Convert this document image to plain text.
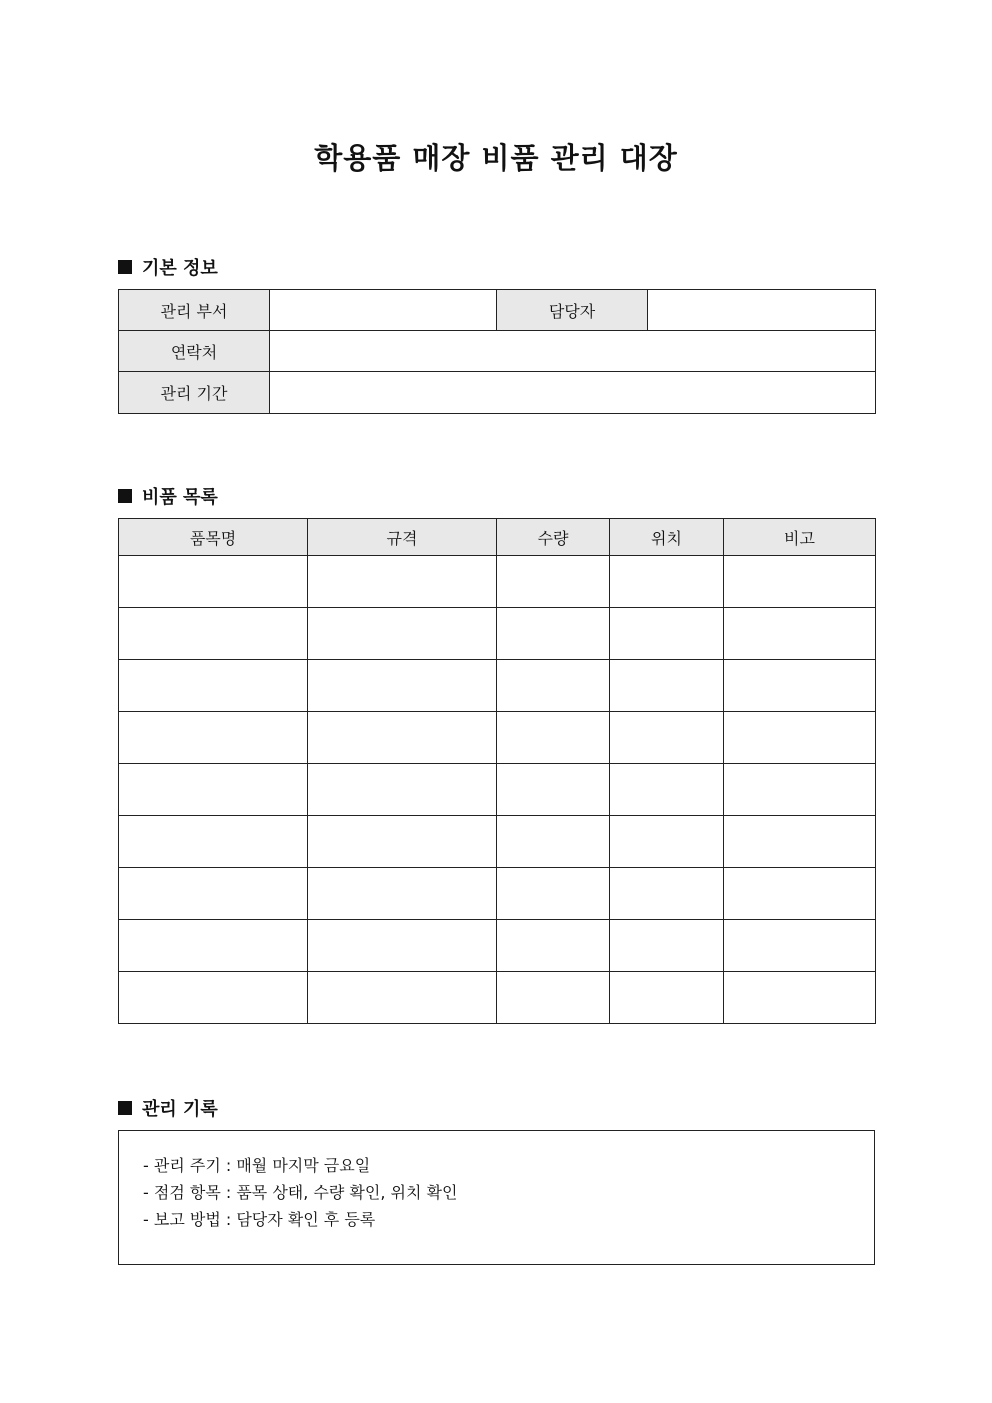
학용품 매장 비품 관리 대장
기본 정보
관리 부서		담당자	
연락처			
관리 기간			
비품 목록
품목명	규격	수량	위치	비고

관리 기록
- 관리 주기 : 매월 마지막 금요일
- 점검 항목 : 품목 상태, 수량 확인, 위치 확인
- 보고 방법 : 담당자 확인 후 등록
